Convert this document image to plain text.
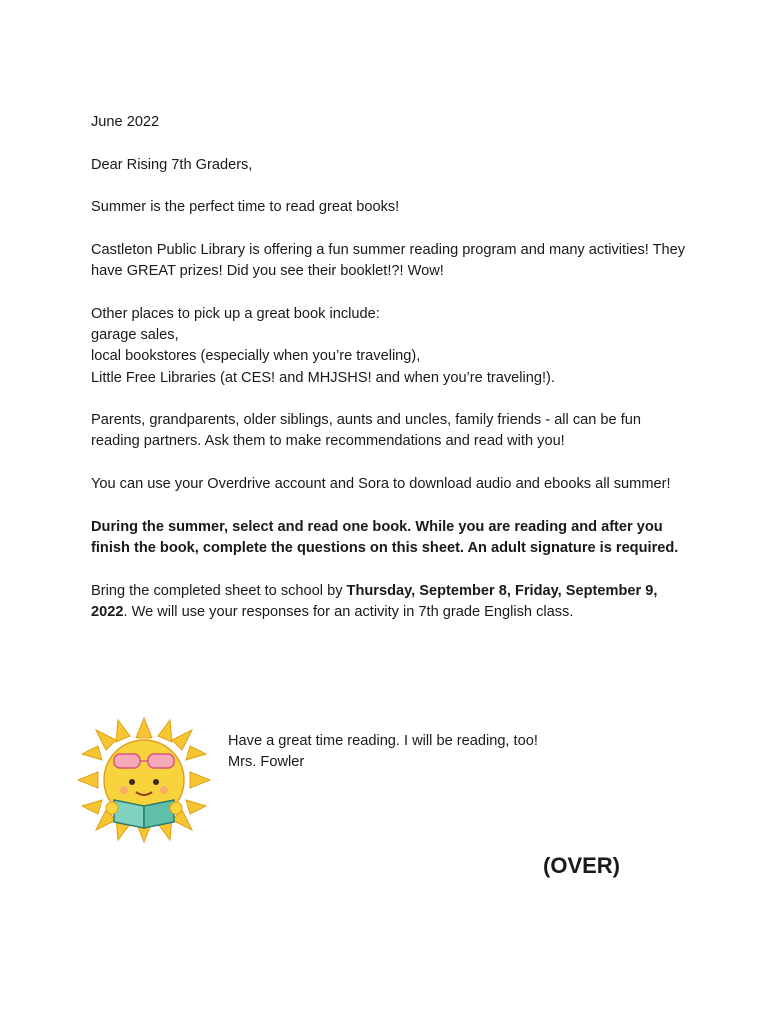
June 2022

Dear Rising 7th Graders,

Summer is the perfect time to read great books!

Castleton Public Library is offering a fun summer reading program and many activities! They have GREAT prizes! Did you see their booklet!?! Wow!

Other places to pick up a great book include:
garage sales,
local bookstores (especially when you’re traveling),
Little Free Libraries (at CES! and MHJSHS! and when you’re traveling!).

Parents, grandparents, older siblings, aunts and uncles, family friends - all can be fun reading partners. Ask them to make recommendations and read with you!

You can use your Overdrive account and Sora to download audio and ebooks all summer!

During the summer, select and read one book. While you are reading and after you finish the book, complete the questions on this sheet. An adult signature is required.

Bring the completed sheet to school by Thursday, September 8, Friday, September 9, 2022. We will use your responses for an activity in 7th grade English class.

Have a great time reading. I will be reading, too!
Mrs. Fowler
(OVER)
